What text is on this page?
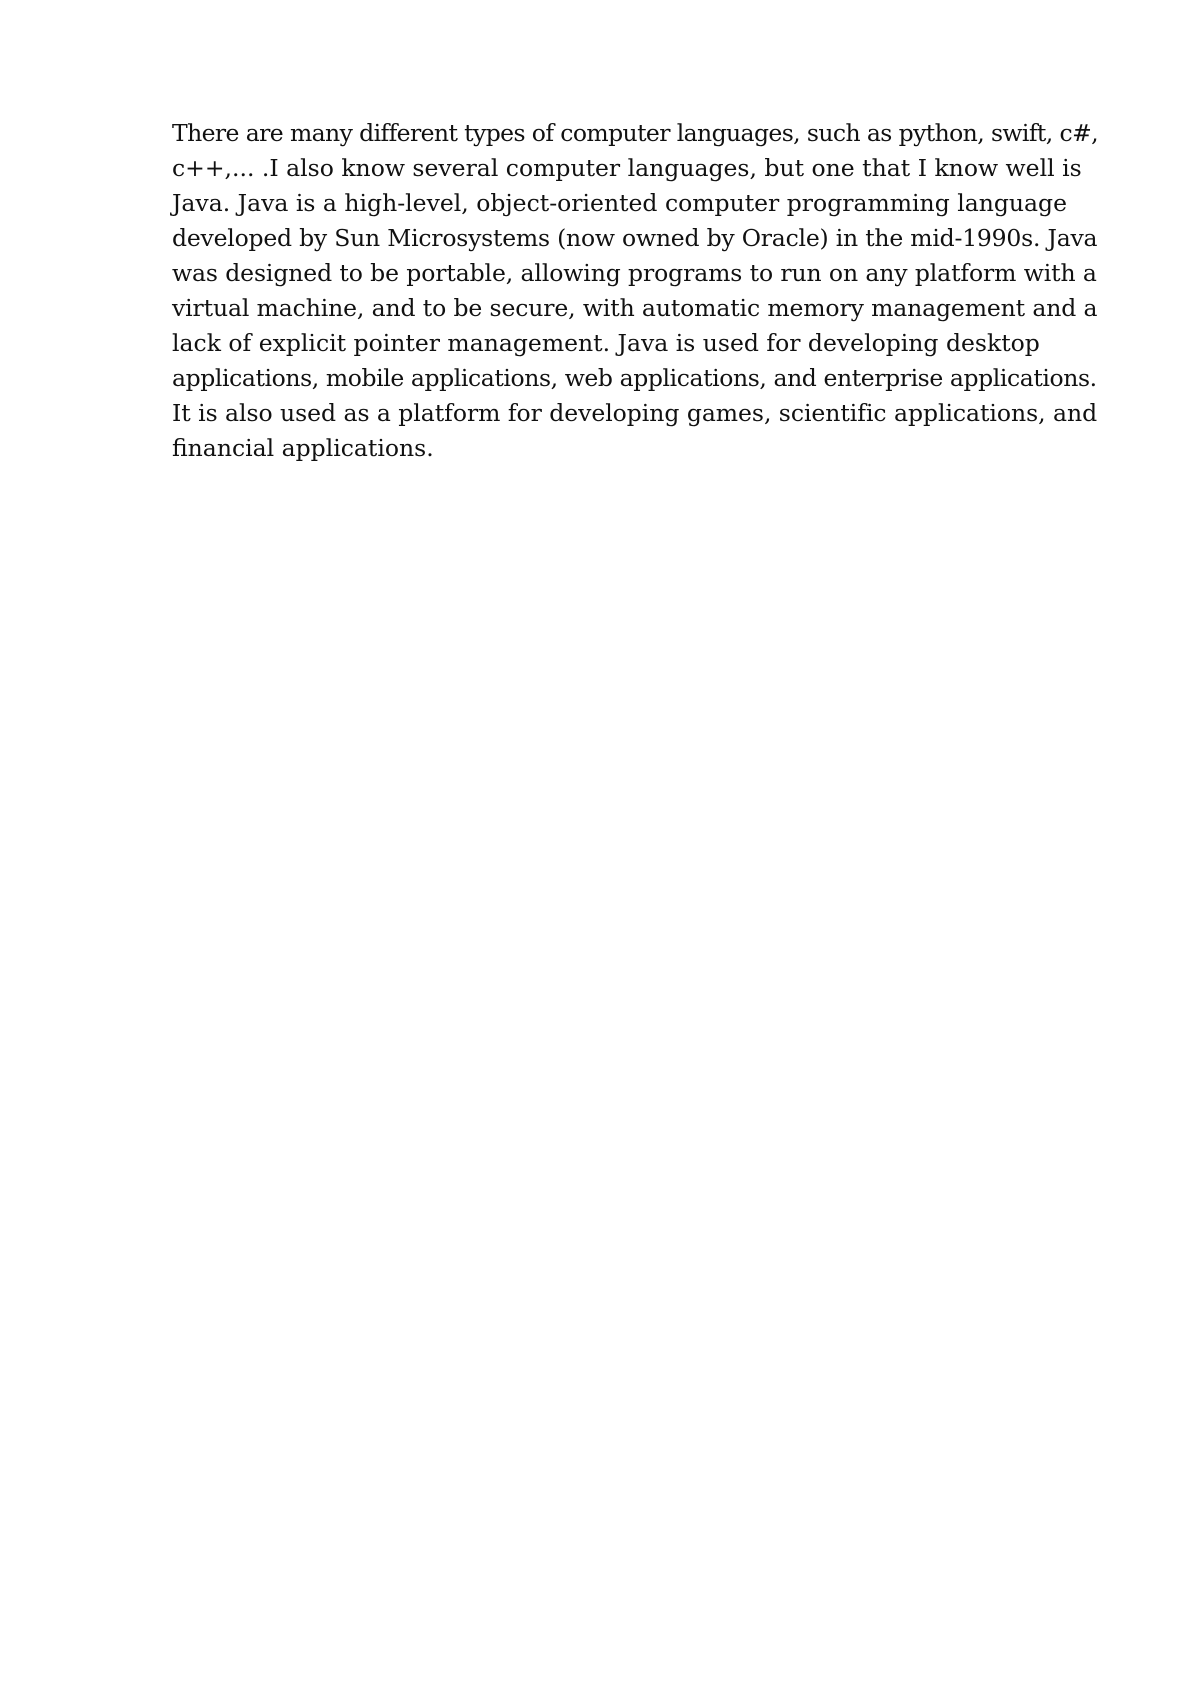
There are many different types of computer languages, such as python, swift, c#,
c++,... .I also know several computer languages, but one that I know well is
Java. Java is a high-level, object-oriented computer programming language
developed by Sun Microsystems (now owned by Oracle) in the mid-1990s. Java
was designed to be portable, allowing programs to run on any platform with a
virtual machine, and to be secure, with automatic memory management and a
lack of explicit pointer management. Java is used for developing desktop
applications, mobile applications, web applications, and enterprise applications.
It is also used as a platform for developing games, scientific applications, and
financial applications.
